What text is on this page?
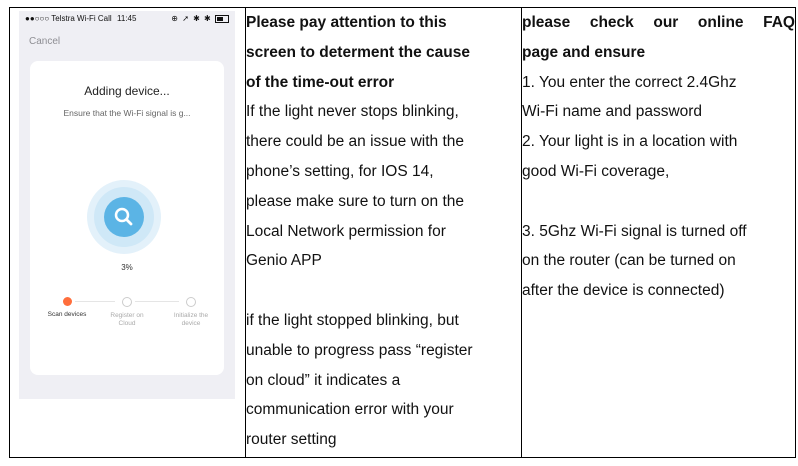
●●○○○ Telstra Wi-Fi Call 11:45	⊕ ➚ ✱ ✱
Cancel
Adding device...
Ensure that the Wi-Fi signal is g...
3%
Scan devices	Register on Cloud
Initialize the device

Please pay attention to this

screen to determent the cause

of the time-out error

If the light never stops blinking,

there could be an issue with the

phone’s setting, for IOS 14,

please make sure to turn on the

Local Network permission for

Genio APP

if the light stopped blinking, but

unable to progress pass “register

on cloud” it indicates a

communication error with your

router setting

please check our online FAQ

page and ensure

1. You enter the correct 2.4Ghz

Wi-Fi name and password

2. Your light is in a location with

good Wi-Fi coverage,

3. 5Ghz Wi-Fi signal is turned off

on the router (can be turned on

after the device is connected)
